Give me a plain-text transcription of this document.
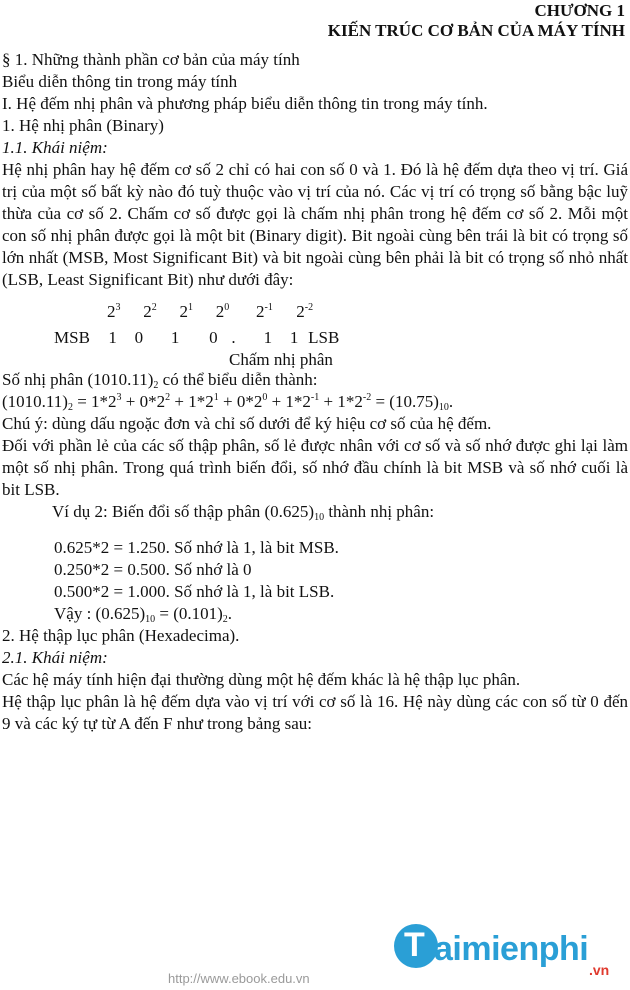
CHƯƠNG 1
KIẾN TRÚC CƠ BẢN CỦA MÁY TÍNH
§ 1. Những thành phần cơ bản của máy tính
Biểu diễn thông tin trong máy tính
I. Hệ đếm nhị phân và phương pháp biểu diễn thông tin trong máy tính.
1. Hệ nhị phân (Binary)
1.1. Khái niệm:

Hệ nhị phân hay hệ đếm cơ số 2 chỉ có hai con số 0 và 1. Đó là hệ đếm dựa theo vị trí. Giá trị của một số bất kỳ nào đó tuỳ thuộc vào vị trí của nó. Các vị trí có trọng số bằng bậc luỹ thừa của cơ số 2. Chấm cơ số được gọi là chấm nhị phân trong hệ đếm cơ số 2. Mỗi một con số nhị phân được gọi là một bit (Binary digit). Bit ngoài cùng bên trái là bit có trọng số lớn nhất (MSB, Most Significant Bit) và bit ngoài cùng bên phải là bit có trọng số nhỏ nhất (LSB, Least Significant Bit) như dưới đây:

$2^3$ $2^2$ $2^1$ $2^0$ $2^{-1}$ $2^{-2}$
MSB 1 0 1 0 . 1 1 LSB
Chấm nhị phân
Số nhị phân $(1010.11)_2$ có thể biểu diễn thành:
$(1010.11)_2 = 1*2^3 + 0*2^2 + 1*2^1 + 0*2^0 + 1*2^{-1} + 1*2^{-2} = (10.75)_{10}$.
Chú ý: dùng dấu ngoặc đơn và chỉ số dưới để ký hiệu cơ số của hệ đếm.

Đối với phần lẻ của các số thập phân, số lẻ được nhân với cơ số và số nhớ được ghi lại làm một số nhị phân. Trong quá trình biến đổi, số nhớ đầu chính là bit MSB và số nhớ cuối là bit LSB.

Ví dụ 2: Biến đổi số thập phân $(0.625)_{10}$ thành nhị phân:
0.625*2 = 1.250. Số nhớ là 1, là bit MSB.
0.250*2 = 0.500. Số nhớ là 0
0.500*2 = 1.000. Số nhớ là 1, là bit LSB.
Vậy : $(0.625)_{10} = (0.101)_2$.
2. Hệ thập lục phân (Hexadecima).
2.1. Khái niệm:

Các hệ máy tính hiện đại thường dùng một hệ đếm khác là hệ thập lục phân.

Hệ thập lục phân là hệ đếm dựa vào vị trí với cơ số là 16. Hệ này dùng các con số từ 0 đến 9 và các ký tự từ A đến F như trong bảng sau:

http://www.ebook.edu.vn
T aimienphi
.vn
